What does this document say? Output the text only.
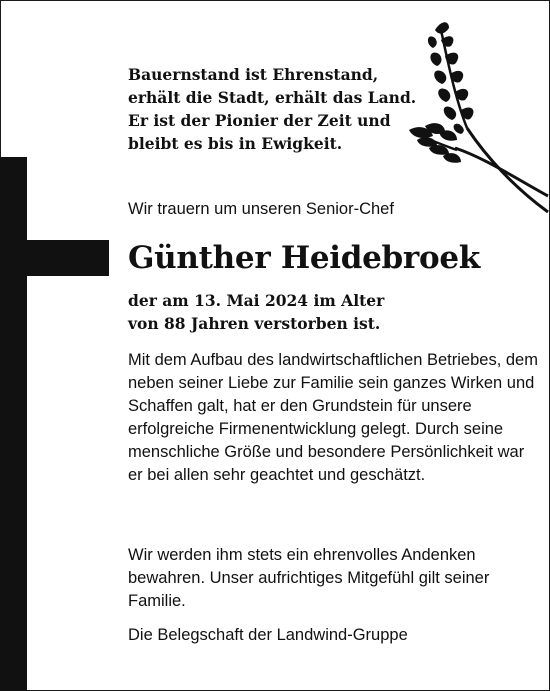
Bauernstand ist Ehrenstand,
erhält die Stadt, erhält das Land.
Er ist der Pionier der Zeit und
bleibt es bis in Ewigkeit.
Wir trauern um unseren Senior-Chef
Günther Heidebroek
der am 13. Mai 2024 im Alter
von 88 Jahren verstorben ist.
Mit dem Aufbau des landwirtschaftlichen Betriebes, dem neben seiner Liebe zur Familie sein ganzes Wirken und Schaffen galt, hat er den Grundstein für unsere erfolgreiche Firmenentwicklung gelegt. Durch seine menschliche Größe und besondere Persönlichkeit war er bei allen sehr geachtet und geschätzt.
Wir werden ihm stets ein ehrenvolles Andenken bewahren. Unser aufrichtiges Mitgefühl gilt seiner Familie.
Die Belegschaft der Landwind-Gruppe
